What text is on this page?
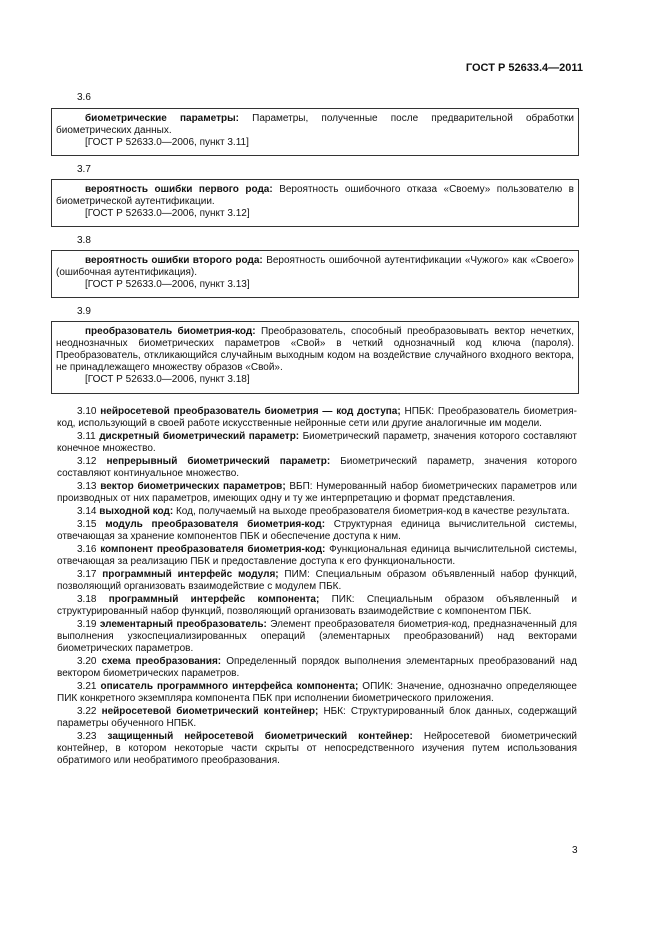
ГОСТ Р 52633.4—2011
3.6

биометрические параметры: Параметры, полученные после предварительной обработки биометрических данных.

[ГОСТ Р 52633.0—2006, пункт 3.11]

3.7

вероятность ошибки первого рода: Вероятность ошибочного отказа «Своему» пользователю в биометрической аутентификации.

[ГОСТ Р 52633.0—2006, пункт 3.12]

3.8

вероятность ошибки второго рода: Вероятность ошибочной аутентификации «Чужого» как «Своего» (ошибочная аутентификация).

[ГОСТ Р 52633.0—2006, пункт 3.13]

3.9

преобразователь биометрия-код: Преобразователь, способный преобразовывать вектор нечетких, неоднозначных биометрических параметров «Свой» в четкий однозначный код ключа (пароля). Преобразователь, откликающийся случайным выходным кодом на воздействие случайного входного вектора, не принадлежащего множеству образов «Свой».

[ГОСТ Р 52633.0—2006, пункт 3.18]

3.10 нейросетевой преобразователь биометрия — код доступа; НПБК: Преобразователь биометрия-код, использующий в своей работе искусственные нейронные сети или другие аналогичные им модели.

3.11 дискретный биометрический параметр: Биометрический параметр, значения которого составляют конечное множество.

3.12 непрерывный биометрический параметр: Биометрический параметр, значения которого составляют континуальное множество.

3.13 вектор биометрических параметров; ВБП: Нумерованный набор биометрических параметров или производных от них параметров, имеющих одну и ту же интерпретацию и формат представления.

3.14 выходной код: Код, получаемый на выходе преобразователя биометрия-код в качестве результата.

3.15 модуль преобразователя биометрия-код: Структурная единица вычислительной системы, отвечающая за хранение компонентов ПБК и обеспечение доступа к ним.

3.16 компонент преобразователя биометрия-код: Функциональная единица вычислительной системы, отвечающая за реализацию ПБК и предоставление доступа к его функциональности.

3.17 программный интерфейс модуля; ПИМ: Специальным образом объявленный набор функций, позволяющий организовать взаимодействие с модулем ПБК.

3.18 программный интерфейс компонента; ПИК: Специальным образом объявленный и структурированный набор функций, позволяющий организовать взаимодействие с компонентом ПБК.

3.19 элементарный преобразователь: Элемент преобразователя биометрия-код, предназначенный для выполнения узкоспециализированных операций (элементарных преобразований) над векторами биометрических параметров.

3.20 схема преобразования: Определенный порядок выполнения элементарных преобразований над вектором биометрических параметров.

3.21 описатель программного интерфейса компонента; ОПИК: Значение, однозначно определяющее ПИК конкретного экземпляра компонента ПБК при исполнении биометрического приложения.

3.22 нейросетевой биометрический контейнер; НБК: Структурированный блок данных, содержащий параметры обученного НПБК.

3.23 защищенный нейросетевой биометрический контейнер: Нейросетевой биометрический контейнер, в котором некоторые части скрыты от непосредственного изучения путем использования обратимого или необратимого преобразования.

3
